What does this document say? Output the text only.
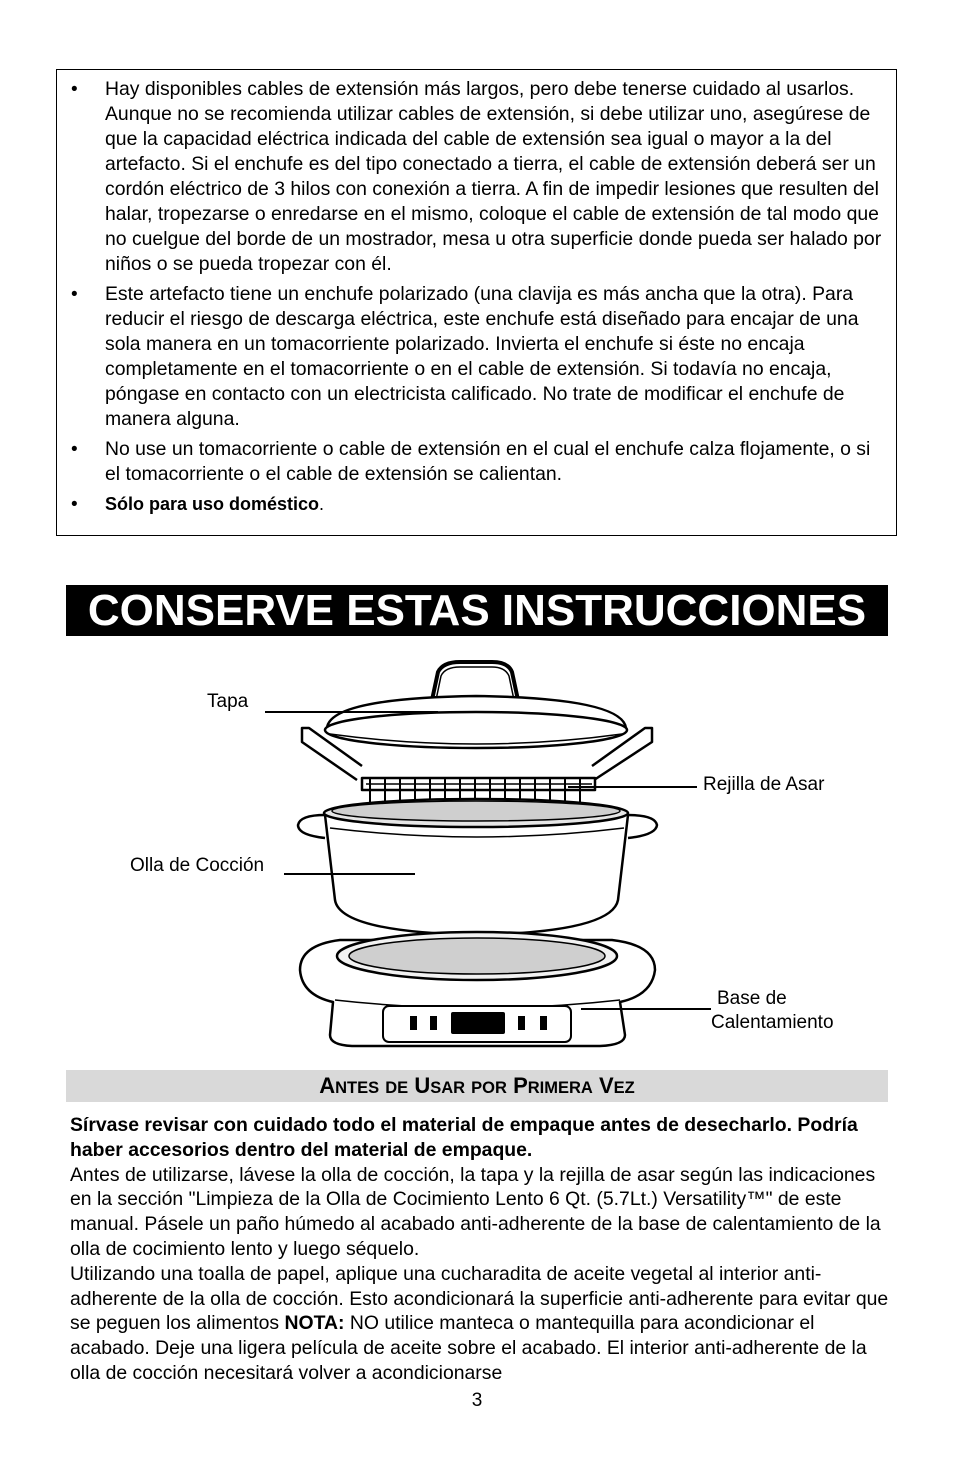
• Hay disponibles cables de extensión más largos, pero debe tenerse cuidado al usarlos. Aunque no se recomienda utilizar cables de extensión, si debe utilizar uno, asegúrese de que la capacidad eléctrica indicada del cable de extensión sea igual o mayor a la del artefacto. Si el enchufe es del tipo conectado a tierra, el cable de extensión deberá ser un cordón eléctrico de 3 hilos con conexión a tierra. A fin de impedir lesiones que resulten del halar, tropezarse o enredarse en el mismo, coloque el cable de extensión de tal modo que no cuelgue del borde de un mostrador, mesa u otra superficie donde pueda ser halado por niños o se pueda tropezar con él.
• Este artefacto tiene un enchufe polarizado (una clavija es más ancha que la otra). Para reducir el riesgo de descarga eléctrica, este enchufe está diseñado para encajar de una sola manera en un tomacorriente polarizado. Invierta el enchufe si éste no encaja completamente en el tomacorriente o en el cable de extensión. Si todavía no encaja, póngase en contacto con un electricista calificado. No trate de modificar el enchufe de manera alguna.
• No use un tomacorriente o cable de extensión en el cual el enchufe calza flojamente, o si el tomacorriente o el cable de extensión se calientan.
• Sólo para uso doméstico.
CONSERVE ESTAS INSTRUCCIONES
Tapa
Rejilla de Asar
Olla de Cocción
Base de
Calentamiento
ANTES DE USAR POR PRIMERA VEZ

Sírvase revisar con cuidado todo el material de empaque antes de desecharlo. Podría haber accesorios dentro del material de empaque.

Antes de utilizarse, lávese la olla de cocción, la tapa y la rejilla de asar según las indicaciones en la sección "Limpieza de la Olla de Cocimiento Lento 6 Qt. (5.7Lt.) Versatility™" de este manual. Pásele un paño húmedo al acabado anti-adherente de la base de calentamiento de la olla de cocimiento lento y luego séquelo.

Utilizando una toalla de papel, aplique una cucharadita de aceite vegetal al interior anti-adherente de la olla de cocción. Esto acondicionará la superficie anti-adherente para evitar que se peguen los alimentos NOTA: NO utilice manteca o mantequilla para acondicionar el acabado. Deje una ligera película de aceite sobre el acabado. El interior anti-adherente de la olla de cocción necesitará volver a acondicionarse

3
